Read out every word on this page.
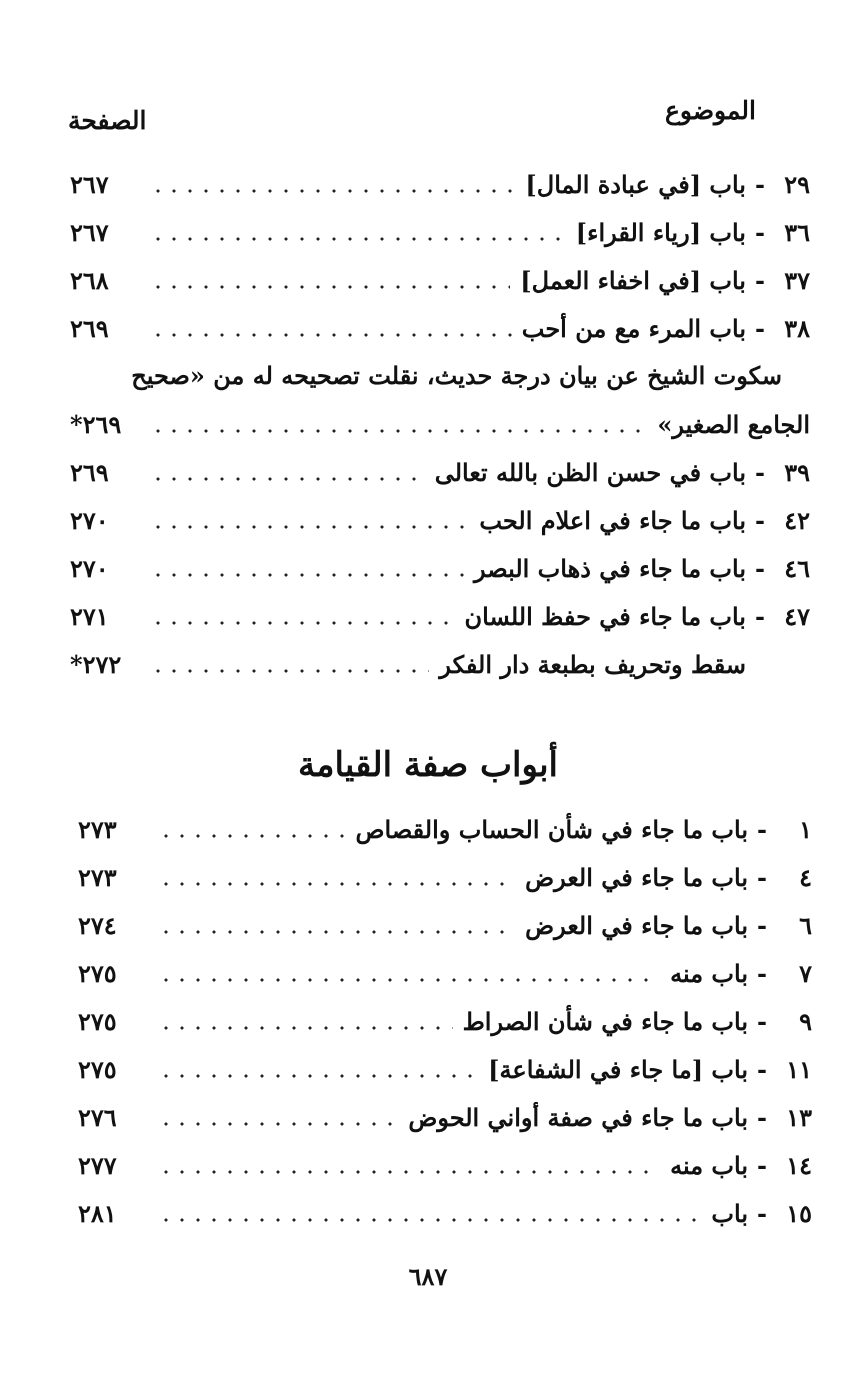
الموضوع
الصفحة
٢٩
-
باب [في عبادة المال]
٢٦٧
٣٦
-
باب [رياء القراء]
٢٦٧
٣٧
-
باب [في اخفاء العمل]
٢٦٨
٣٨
-
باب المرء مع من أحب
٢٦٩
سكوت الشيخ عن بيان درجة حديث، نقلت تصحيحه له من «صحيح
الجامع الصغير»
٢٦٩*
٣٩
-
باب في حسن الظن بالله تعالى
٢٦٩
٤٢
-
باب ما جاء في اعلام الحب
٢٧٠
٤٦
-
باب ما جاء في ذهاب البصر
٢٧٠
٤٧
-
باب ما جاء في حفظ اللسان
٢٧١
سقط وتحريف بطبعة دار الفكر
٢٧٢*
أبواب صفة القيامة
١
-
باب ما جاء في شأن الحساب والقصاص
٢٧٣
٤
-
باب ما جاء في العرض
٢٧٣
٦
-
باب ما جاء في العرض
٢٧٤
٧
-
باب منه
٢٧٥
٩
-
باب ما جاء في شأن الصراط
٢٧٥
١١
-
باب [ما جاء في الشفاعة]
٢٧٥
١٣
-
باب ما جاء في صفة أواني الحوض
٢٧٦
١٤
-
باب منه
٢٧٧
١٥
-
باب
٢٨١
٦٨٧
